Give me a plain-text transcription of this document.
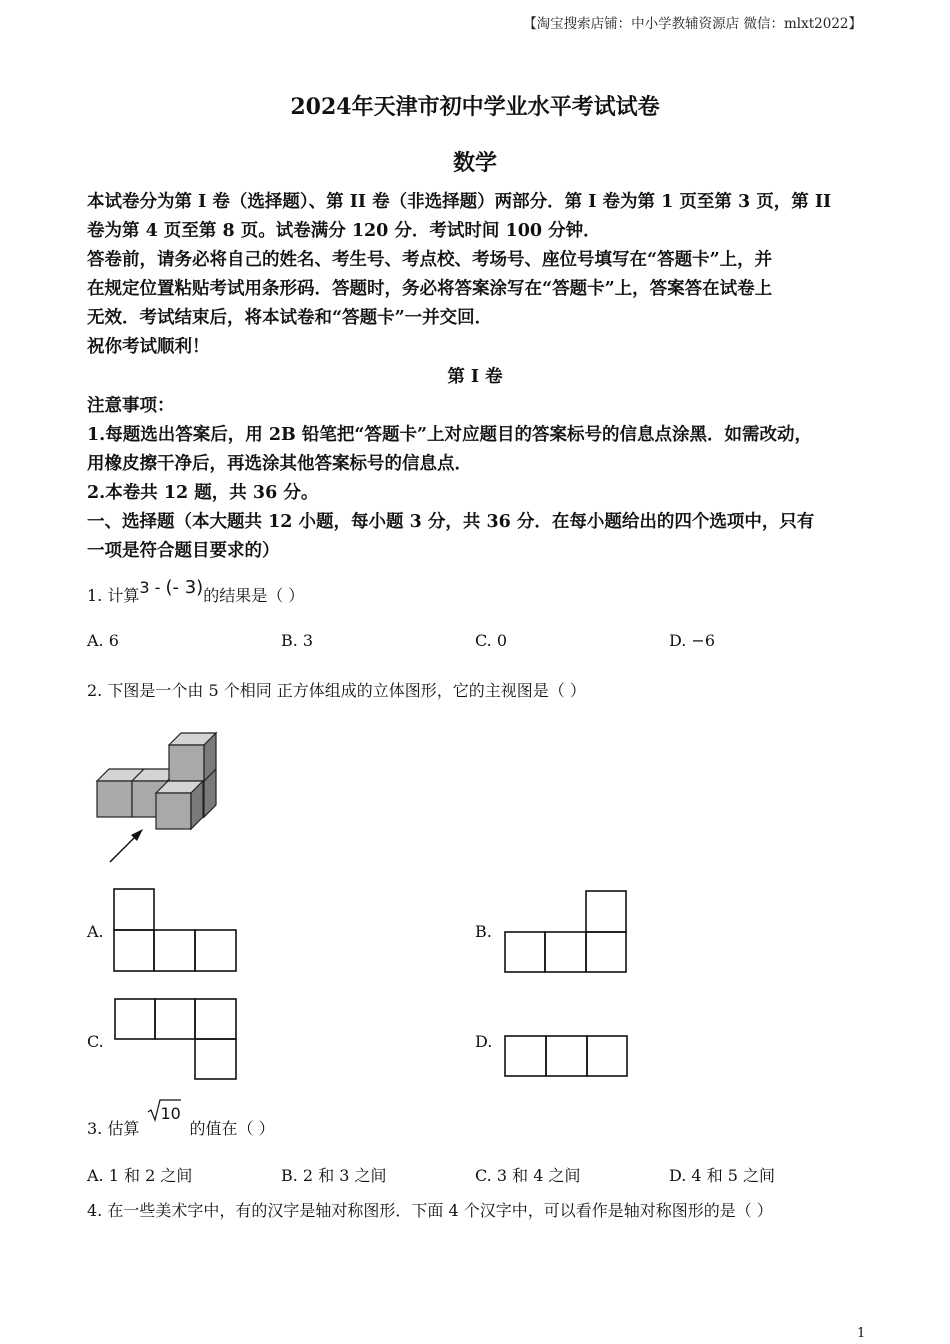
【淘宝搜索店铺：中小学教辅资源店 微信：mlxt2022】
2024年天津市初中学业水平考试试卷
数学
本试卷分为第 I 卷（选择题）、第 II 卷（非选择题）两部分．第 I 卷为第 1 页至第 3 页，第 II
卷为第 4 页至第 8 页。试卷满分 120 分．考试时间 100 分钟．
答卷前，请务必将自己的姓名、考生号、考点校、考场号、座位号填写在“答题卡”上，并
在规定位置粘贴考试用条形码．答题时，务必将答案涂写在“答题卡”上，答案答在试卷上
无效．考试结束后，将本试卷和“答题卡”一并交回．
祝你考试顺利！
第 I 卷
注意事项：
1.每题选出答案后，用 2B 铅笔把“答题卡”上对应题目的答案标号的信息点涂黑．如需改动，
用橡皮擦干净后，再选涂其他答案标号的信息点．
2.本卷共 12 题，共 36 分。
一、选择题（本大题共 12 小题，每小题 3 分，共 36 分．在每小题给出的四个选项中，只有
一项是符合题目要求的）
1. 计算3 - (- 3)的结果是（ ）
A. 6	B. 3	C. 0	D. −6
2. 下图是一个由 5 个相同 正方体组成的立体图形，它的主视图是（ ）
A.	B.
C.	D.
3. 估算
10
的值在（ ）
A. 1 和 2 之间	B. 2 和 3 之间	C. 3 和 4 之间	D. 4 和 5 之间
4. 在一些美术字中，有的汉字是轴对称图形．下面 4 个汉字中，可以看作是轴对称图形的是（ ）
1
